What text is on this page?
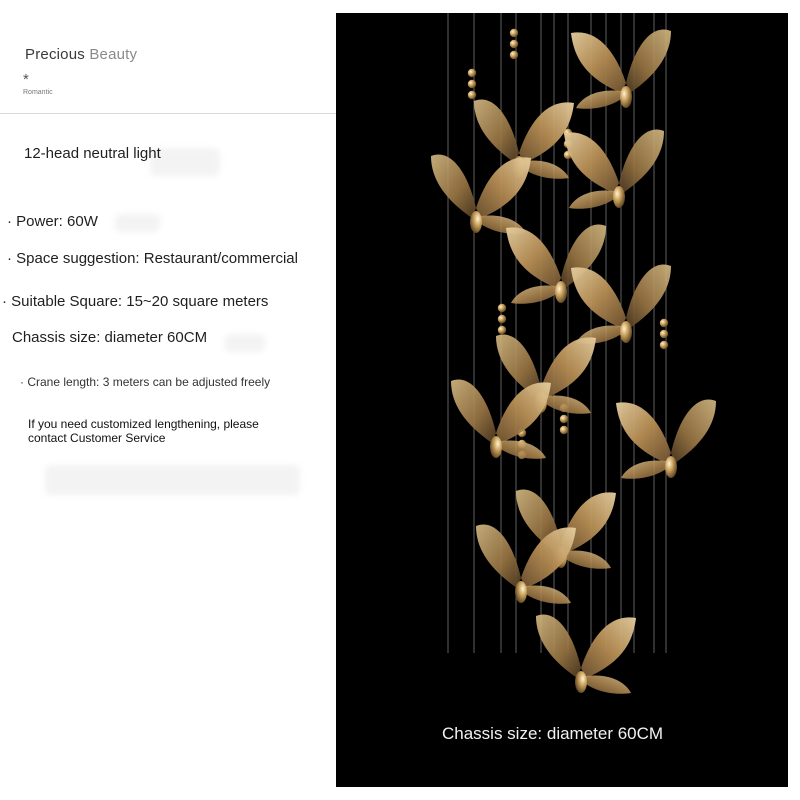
Precious Beauty
*
Romantic
12-head neutral light
· Power: 60W
· Space suggestion: Restaurant/commercial
· Suitable Square: 15~20 square meters
Chassis size: diameter 60CM
· Crane length: 3 meters can be adjusted freely
If you need customized lengthening, please contact Customer Service
Chassis size: diameter 60CM
